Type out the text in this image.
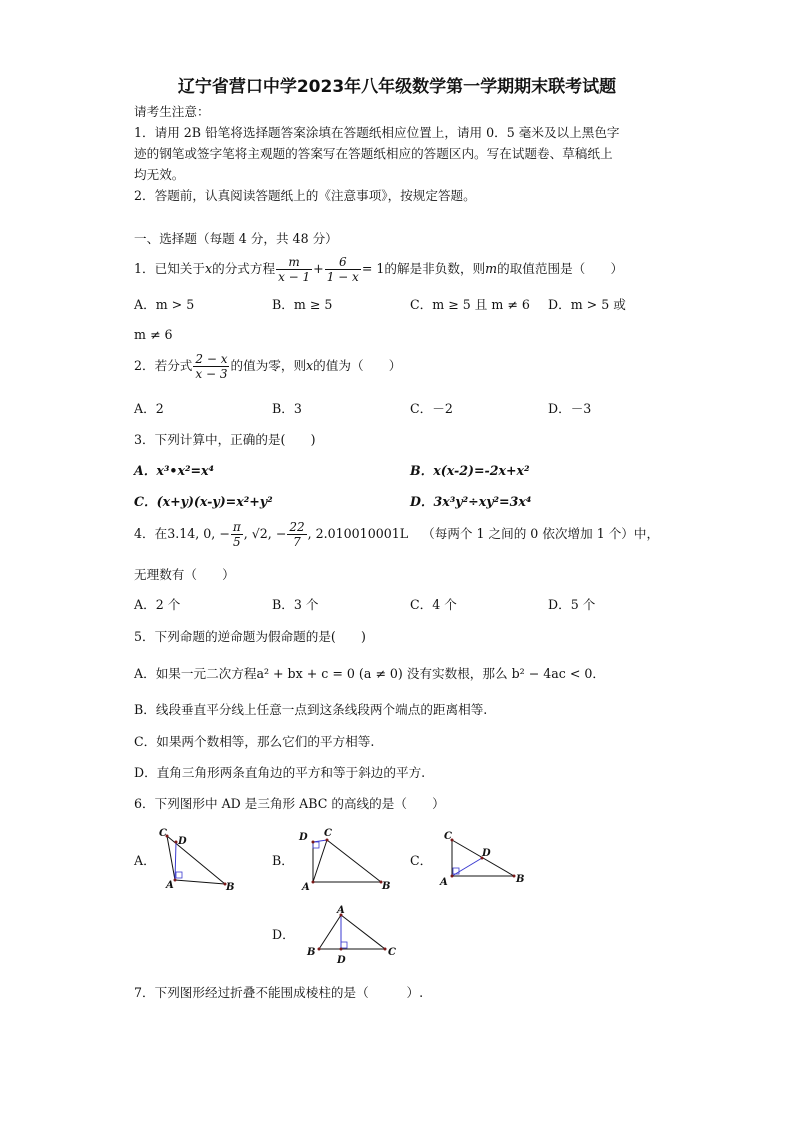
辽宁省营口中学2023年八年级数学第一学期期末联考试题
请考生注意：
1．请用 2B 铅笔将选择题答案涂填在答题纸相应位置上，请用 0．5 毫米及以上黑色字
迹的钢笔或签字笔将主观题的答案写在答题纸相应的答题区内。写在试题卷、草稿纸上
均无效。
2．答题前，认真阅读答题纸上的《注意事项》，按规定答题。
一、选择题（每题 4 分，共 48 分）
1．已知关于x的分式方程 $\frac{m}{x - 1} + \frac{6}{1 - x} = 1$的解是非负数，则m的取值范围是（　　）
A．m > 5	B．m ≥ 5	C．m ≥ 5 且 m ≠ 6 D．m > 5 或
m ≠ 6
2．若分式 $\frac{2 - x}{x - 3}$ 的值为零，则x的值为（　　）
A．2	B．3	C．－2	D．－3
3．下列计算中，正确的是(　　)
A．x³•x²=x⁴	B．x(x-2)=-2x+x²
C．(x+y)(x-y)=x²+y²	D．3x³y²÷xy²=3x⁴
4．在3.14, 0, − $\frac{\pi}{5}$ , √2, − $\frac{22}{7}$ , 2.010010001L （每两个 1 之间的 0 依次增加 1 个）中，
无理数有（　　）
A．2 个	B．3 个	C．4 个	D．5 个
5．下列命题的逆命题为假命题的是(　　)
A．如果一元二次方程a² + bx + c = 0 (a ≠ 0) 没有实数根，那么 b² − 4ac < 0．
B．线段垂直平分线上任意一点到这条线段两个端点的距离相等.
C．如果两个数相等，那么它们的平方相等.
D．直角三角形两条直角边的平方和等于斜边的平方.
6．下列图形中 AD 是三角形 ABC 的高线的是（　　）
A．
C
D
A	B
B．
D C
A	B
C．
C
D
A	B
D．
A
B
D
C
7．下列图形经过折叠不能围成棱柱的是（　　　）.
